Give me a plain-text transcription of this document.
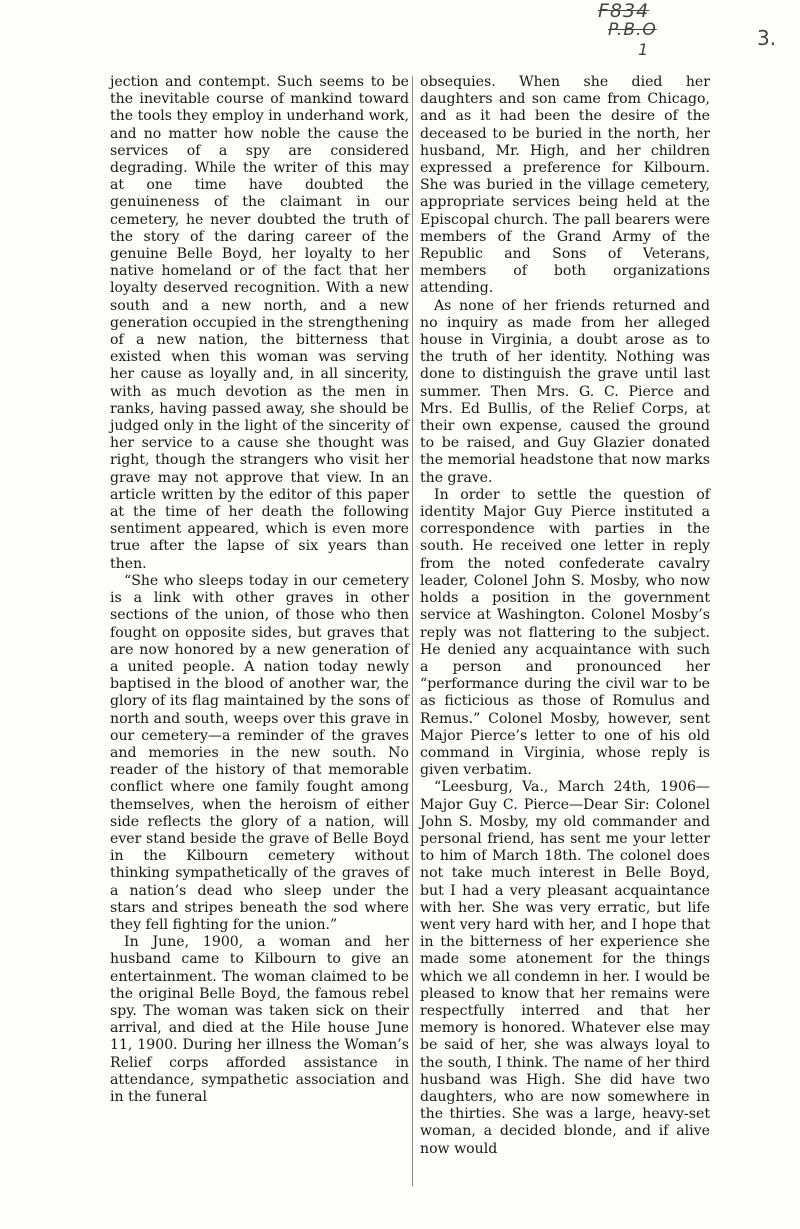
F834
P.B.O
1	3.

jection and contempt. Such seems to be the inevitable course of mankind toward the tools they employ in underhand work, and no matter how noble the cause the services of a spy are considered degrading. While the writer of this may at one time have doubted the genuineness of the claimant in our cemetery, he never doubted the truth of the story of the daring career of the genuine Belle Boyd, her loyalty to her native homeland or of the fact that her loyalty deserved recognition. With a new south and a new north, and a new generation occupied in the strengthening of a new nation, the bitterness that existed when this woman was serving her cause as loyally and, in all sincerity, with as much devotion as the men in ranks, having passed away, she should be judged only in the light of the sincerity of her service to a cause she thought was right, though the strangers who visit her grave may not approve that view. In an article written by the editor of this paper at the time of her death the following sentiment appeared, which is even more true after the lapse of six years than then.

“She who sleeps today in our cemetery is a link with other graves in other sections of the union, of those who then fought on opposite sides, but graves that are now honored by a new generation of a united people. A nation today newly baptised in the blood of another war, the glory of its flag maintained by the sons of north and south, weeps over this grave in our cemetery—a reminder of the graves and memories in the new south. No reader of the history of that memorable conflict where one family fought among themselves, when the heroism of either side reflects the glory of a nation, will ever stand beside the grave of Belle Boyd in the Kilbourn cemetery without thinking sympathetically of the graves of a nation’s dead who sleep under the stars and stripes beneath the sod where they fell fighting for the union.”

In June, 1900, a woman and her husband came to Kilbourn to give an entertainment. The woman claimed to be the original Belle Boyd, the famous rebel spy. The woman was taken sick on their arrival, and died at the Hile house June 11, 1900. During her illness the Woman’s Relief corps afforded assistance in attendance, sympathetic association and in the funeral

obsequies. When she died her daughters and son came from Chicago, and as it had been the desire of the deceased to be buried in the north, her husband, Mr. High, and her children expressed a preference for Kilbourn. She was buried in the village cemetery, appropriate services being held at the Episcopal church. The pall bearers were members of the Grand Army of the Republic and Sons of Veterans, members of both organizations attending.

As none of her friends returned and no inquiry as made from her alleged house in Virginia, a doubt arose as to the truth of her identity. Nothing was done to distinguish the grave until last summer. Then Mrs. G. C. Pierce and Mrs. Ed Bullis, of the Relief Corps, at their own expense, caused the ground to be raised, and Guy Glazier donated the memorial headstone that now marks the grave.

In order to settle the question of identity Major Guy Pierce instituted a correspondence with parties in the south. He received one letter in reply from the noted confederate cavalry leader, Colonel John S. Mosby, who now holds a position in the government service at Washington. Colonel Mosby’s reply was not flattering to the subject. He denied any acquaintance with such a person and pronounced her “performance during the civil war to be as ficticious as those of Romulus and Remus.” Colonel Mosby, however, sent Major Pierce’s letter to one of his old command in Virginia, whose reply is given verbatim.

“Leesburg, Va., March 24th, 1906—Major Guy C. Pierce—Dear Sir: Colonel John S. Mosby, my old commander and personal friend, has sent me your letter to him of March 18th. The colonel does not take much interest in Belle Boyd, but I had a very pleasant acquaintance with her. She was very erratic, but life went very hard with her, and I hope that in the bitterness of her experience she made some atonement for the things which we all condemn in her. I would be pleased to know that her remains were respectfully interred and that her memory is honored. Whatever else may be said of her, she was always loyal to the south, I think. The name of her third husband was High. She did have two daughters, who are now somewhere in the thirties. She was a large, heavy-set woman, a decided blonde, and if alive now would
